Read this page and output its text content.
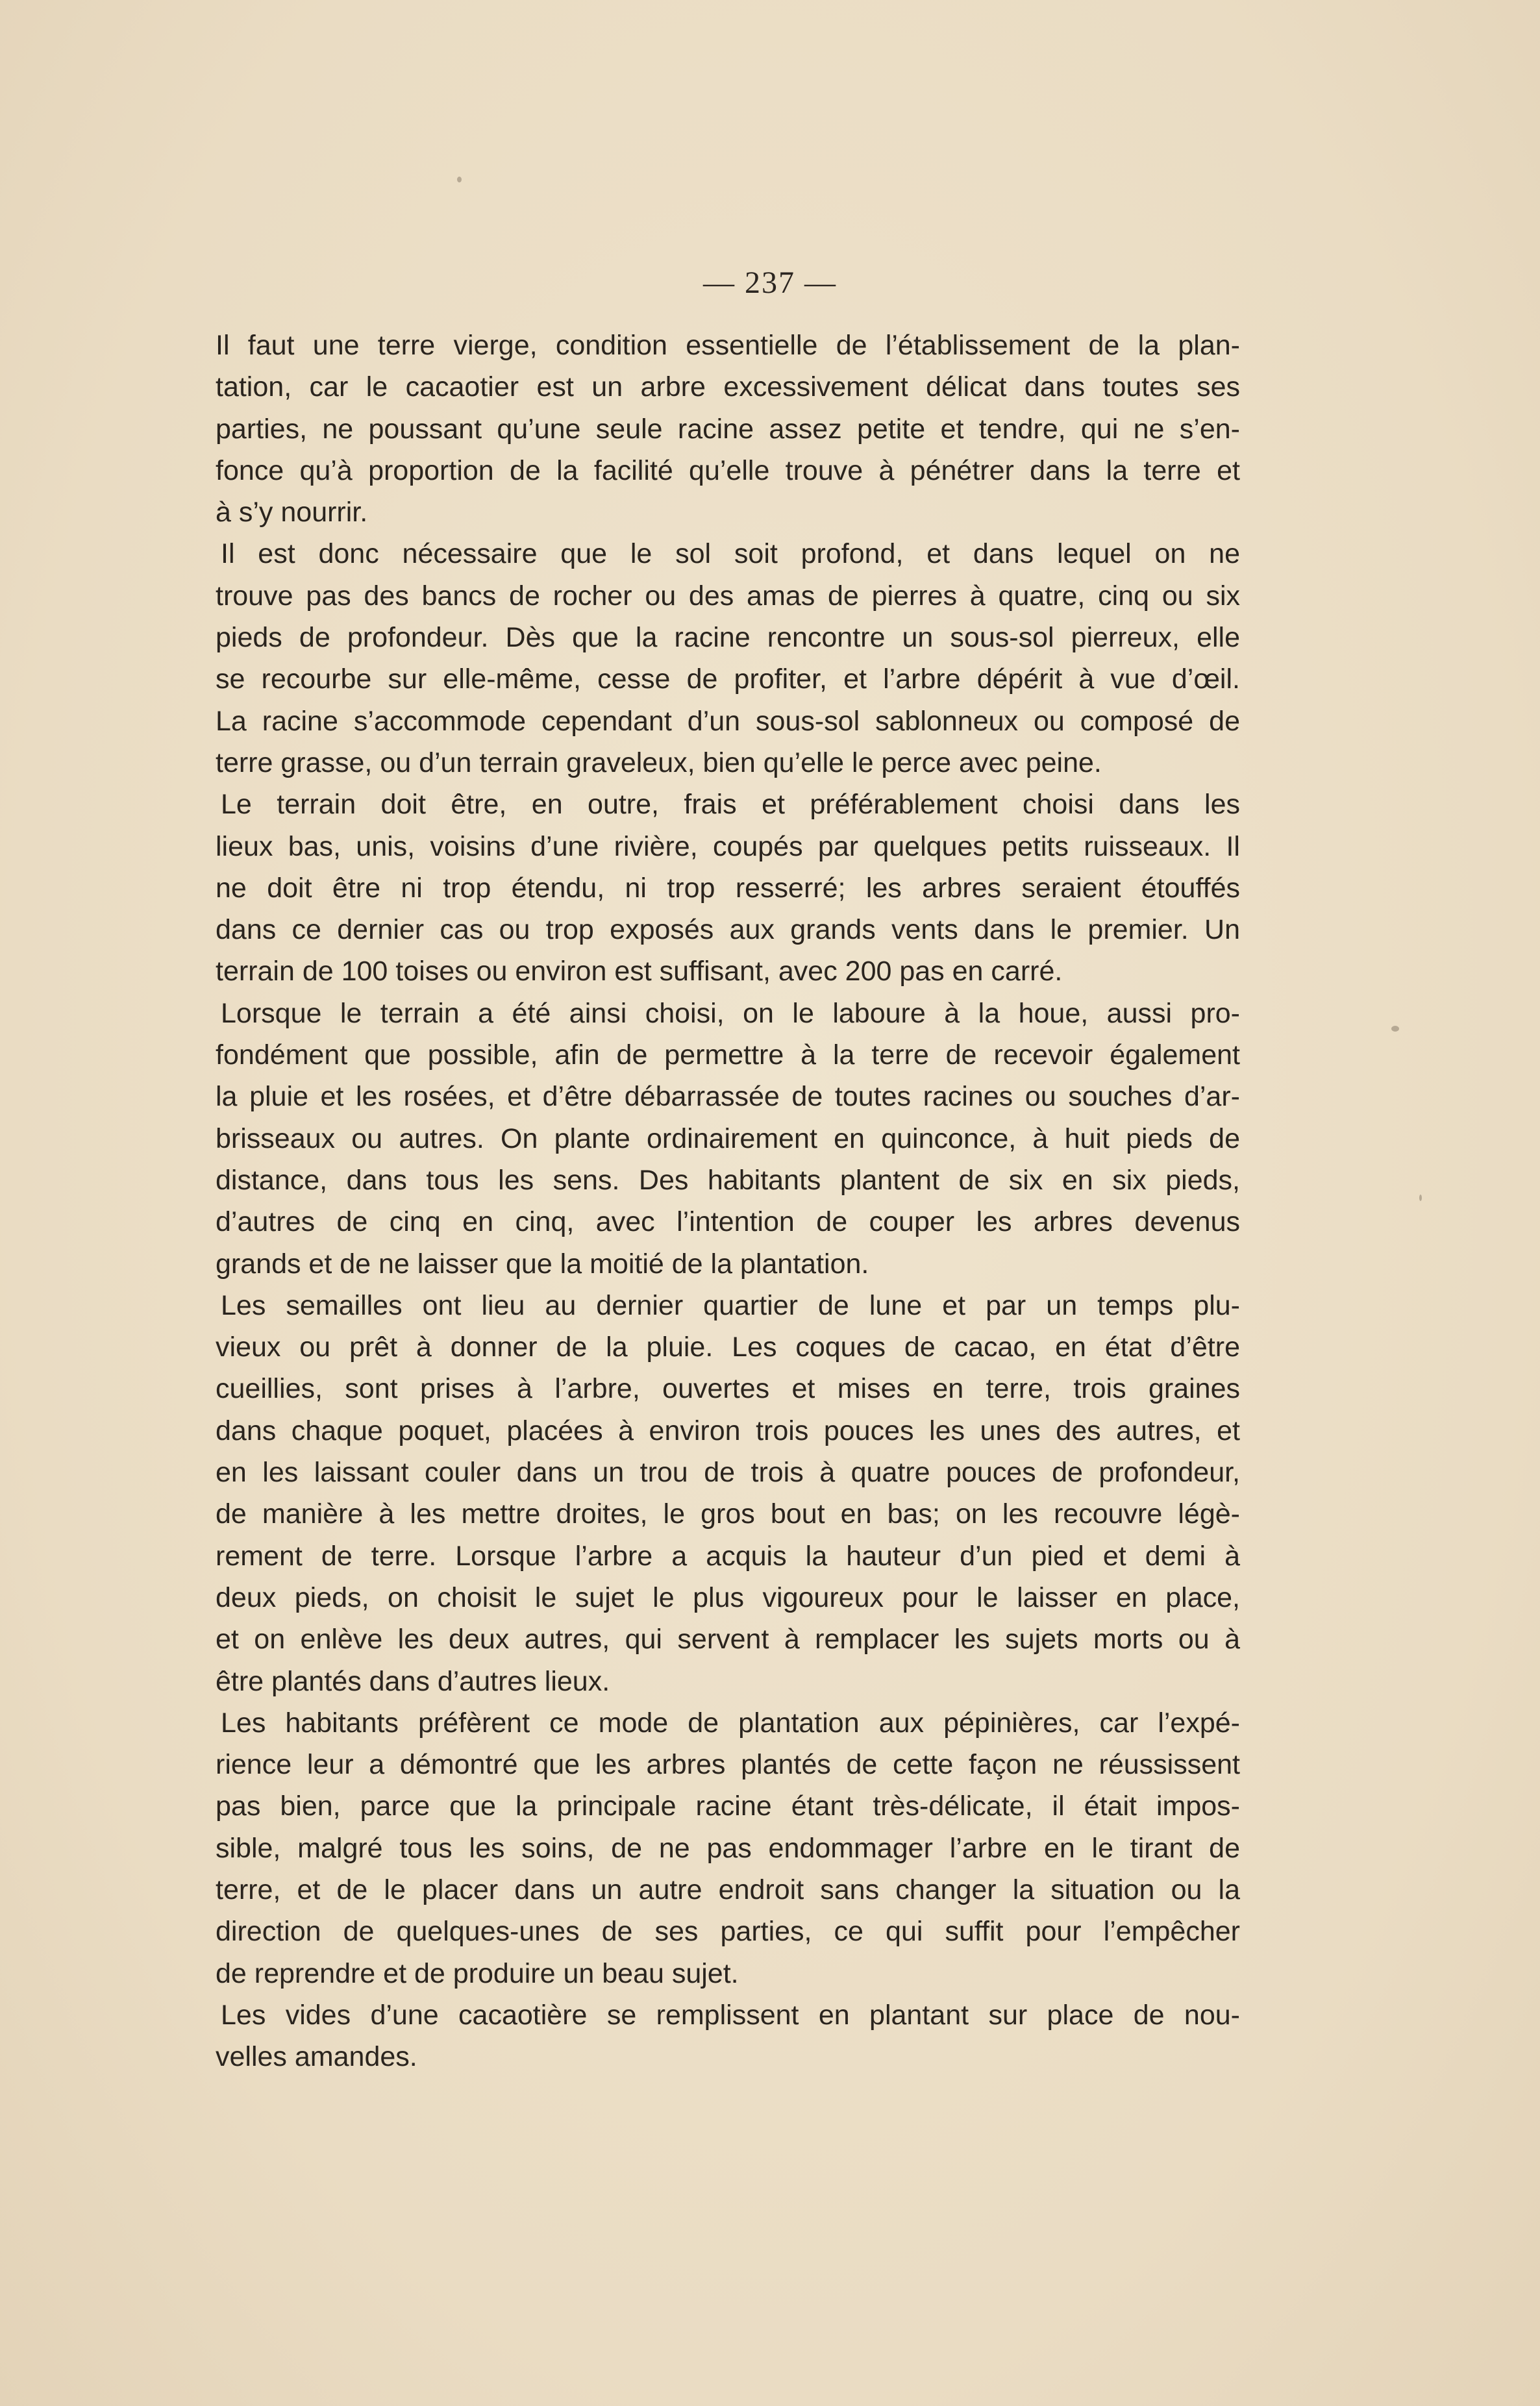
— 237 —

Il faut une terre vierge, condition essentielle de l’établissement de la plan-
tation, car le cacaotier est un arbre excessivement délicat dans toutes ses
parties, ne poussant qu’une seule racine assez petite et tendre, qui ne s’en-
fonce qu’à proportion de la facilité qu’elle trouve à pénétrer dans la terre et
à s’y nourrir.

Il est donc nécessaire que le sol soit profond, et dans lequel on ne
trouve pas des bancs de rocher ou des amas de pierres à quatre, cinq ou six
pieds de profondeur. Dès que la racine rencontre un sous-sol pierreux, elle
se recourbe sur elle-même, cesse de profiter, et l’arbre dépérit à vue d’œil.
La racine s’accommode cependant d’un sous-sol sablonneux ou composé de
terre grasse, ou d’un terrain graveleux, bien qu’elle le perce avec peine.

Le terrain doit être, en outre, frais et préférablement choisi dans les
lieux bas, unis, voisins d’une rivière, coupés par quelques petits ruisseaux. Il
ne doit être ni trop étendu, ni trop resserré; les arbres seraient étouffés
dans ce dernier cas ou trop exposés aux grands vents dans le premier. Un
terrain de 100 toises ou environ est suffisant, avec 200 pas en carré.

Lorsque le terrain a été ainsi choisi, on le laboure à la houe, aussi pro-
fondément que possible, afin de permettre à la terre de recevoir également
la pluie et les rosées, et d’être débarrassée de toutes racines ou souches d’ar-
brisseaux ou autres. On plante ordinairement en quinconce, à huit pieds de
distance, dans tous les sens. Des habitants plantent de six en six pieds,
d’autres de cinq en cinq, avec l’intention de couper les arbres devenus
grands et de ne laisser que la moitié de la plantation.

Les semailles ont lieu au dernier quartier de lune et par un temps plu-
vieux ou prêt à donner de la pluie. Les coques de cacao, en état d’être
cueillies, sont prises à l’arbre, ouvertes et mises en terre, trois graines
dans chaque poquet, placées à environ trois pouces les unes des autres, et
en les laissant couler dans un trou de trois à quatre pouces de profondeur,
de manière à les mettre droites, le gros bout en bas; on les recouvre légè-
rement de terre. Lorsque l’arbre a acquis la hauteur d’un pied et demi à
deux pieds, on choisit le sujet le plus vigoureux pour le laisser en place,
et on enlève les deux autres, qui servent à remplacer les sujets morts ou à
être plantés dans d’autres lieux.

Les habitants préfèrent ce mode de plantation aux pépinières, car l’expé-
rience leur a démontré que les arbres plantés de cette façon ne réussissent
pas bien, parce que la principale racine étant très-délicate, il était impos-
sible, malgré tous les soins, de ne pas endommager l’arbre en le tirant de
terre, et de le placer dans un autre endroit sans changer la situation ou la
direction de quelques-unes de ses parties, ce qui suffit pour l’empêcher
de reprendre et de produire un beau sujet.

Les vides d’une cacaotière se remplissent en plantant sur place de nou-
velles amandes.
